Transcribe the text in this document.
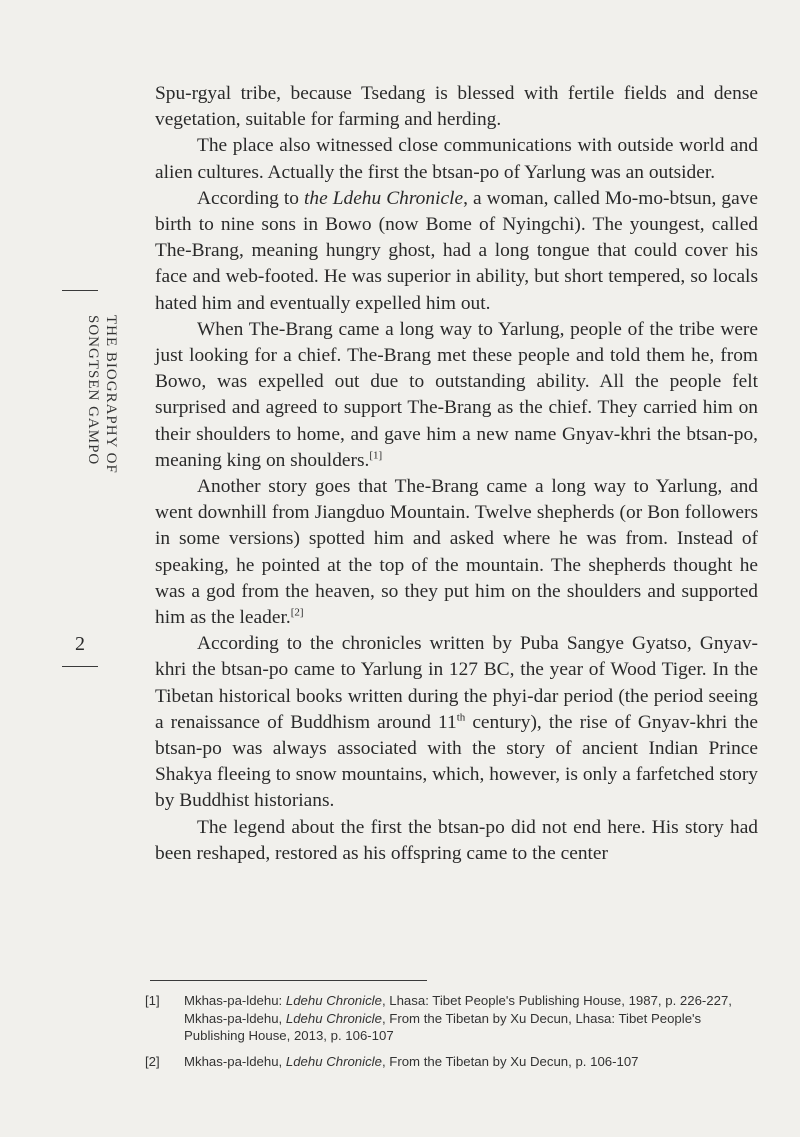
THE BIOGRAPHY OF
SONGTSEN GAMPO
2

Spu-rgyal tribe, because Tsedang is blessed with fertile fields and dense vegetation, suitable for farming and herding.

The place also witnessed close communications with outside world and alien cultures. Actually the first the btsan-po of Yarlung was an outsider.

According to the Ldehu Chronicle, a woman, called Mo-mo-btsun, gave birth to nine sons in Bowo (now Bome of Nyingchi). The youngest, called The-Brang, meaning hungry ghost, had a long tongue that could cover his face and web-footed. He was superior in ability, but short tempered, so locals hated him and eventually expelled him out.

When The-Brang came a long way to Yarlung, people of the tribe were just looking for a chief. The-Brang met these people and told them he, from Bowo, was expelled out due to outstanding ability. All the people felt surprised and agreed to support The-Brang as the chief. They carried him on their shoulders to home, and gave him a new name Gnyav-khri the btsan-po, meaning king on shoulders.[1]

Another story goes that The-Brang came a long way to Yarlung, and went downhill from Jiangduo Mountain. Twelve shepherds (or Bon followers in some versions) spotted him and asked where he was from. Instead of speaking, he pointed at the top of the mountain. The shepherds thought he was a god from the heaven, so they put him on the shoulders and supported him as the leader.[2]

According to the chronicles written by Puba Sangye Gyatso, Gnyav-khri the btsan-po came to Yarlung in 127 BC, the year of Wood Tiger. In the Tibetan historical books written during the phyi-dar period (the period seeing a renaissance of Buddhism around 11th century), the rise of Gnyav-khri the btsan-po was always associated with the story of ancient Indian Prince Shakya fleeing to snow mountains, which, however, is only a farfetched story by Buddhist historians.

The legend about the first the btsan-po did not end here. His story had been reshaped, restored as his offspring came to the center

[1] Mkhas-pa-ldehu: Ldehu Chronicle, Lhasa: Tibet People's Publishing House, 1987, p. 226-227, Mkhas-pa-ldehu, Ldehu Chronicle, From the Tibetan by Xu Decun, Lhasa: Tibet People's Publishing House, 2013, p. 106-107
[2] Mkhas-pa-ldehu, Ldehu Chronicle, From the Tibetan by Xu Decun, p. 106-107
